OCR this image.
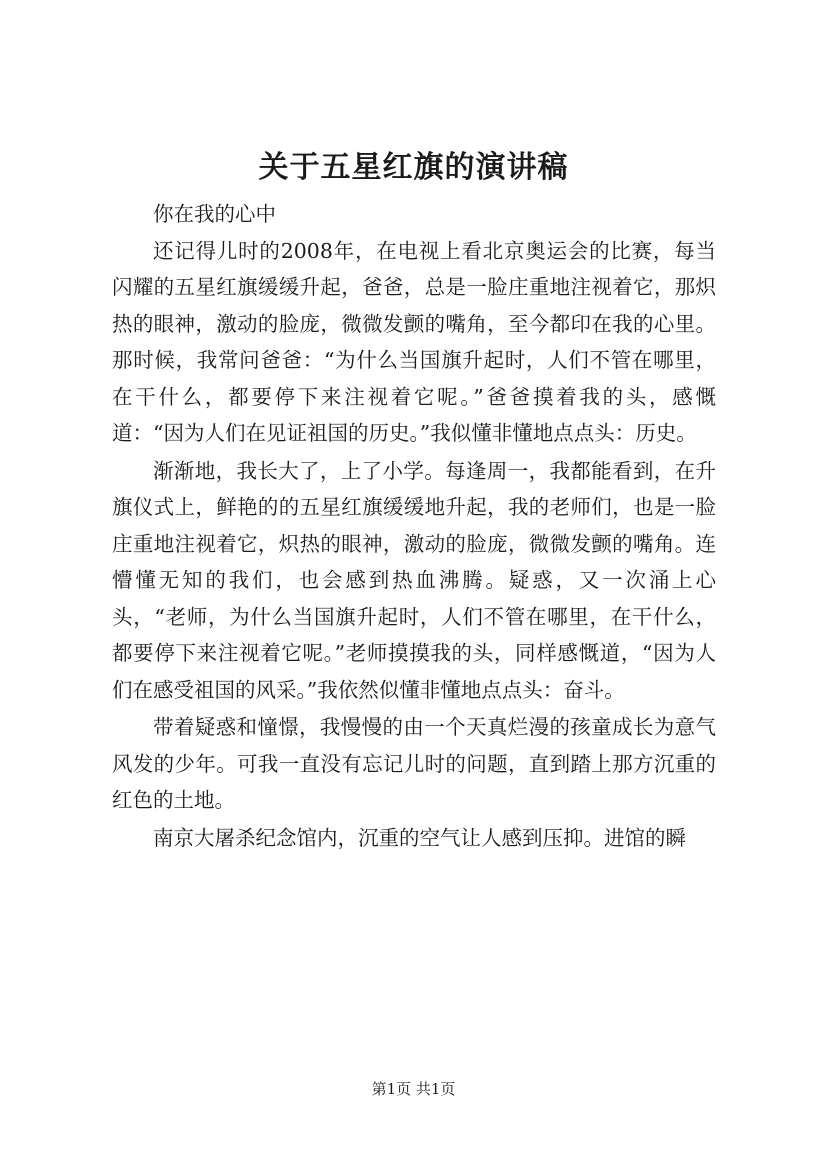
关于五星红旗的演讲稿

你在我的心中

还记得儿时的2008年，在电视上看北京奥运会的比赛，每当闪耀的五星红旗缓缓升起，爸爸，总是一脸庄重地注视着它，那炽热的眼神，激动的脸庞，微微发颤的嘴角，至今都印在我的心里。那时候，我常问爸爸：“为什么当国旗升起时，人们不管在哪里，在干什么，都要停下来注视着它呢。”爸爸摸着我的头，感慨道：“因为人们在见证祖国的历史。”我似懂非懂地点点头：历史。

渐渐地，我长大了，上了小学。每逢周一，我都能看到，在升旗仪式上，鲜艳的的五星红旗缓缓地升起，我的老师们，也是一脸庄重地注视着它，炽热的眼神，激动的脸庞，微微发颤的嘴角。连懵懂无知的我们，也会感到热血沸腾。疑惑，又一次涌上心头，“老师，为什么当国旗升起时，人们不管在哪里，在干什么，都要停下来注视着它呢。”老师摸摸我的头，同样感慨道，“因为人们在感受祖国的风采。”我依然似懂非懂地点点头：奋斗。

带着疑惑和憧憬，我慢慢的由一个天真烂漫的孩童成长为意气风发的少年。可我一直没有忘记儿时的问题，直到踏上那方沉重的红色的土地。

南京大屠杀纪念馆内，沉重的空气让人感到压抑。进馆的瞬

第1页 共1页
